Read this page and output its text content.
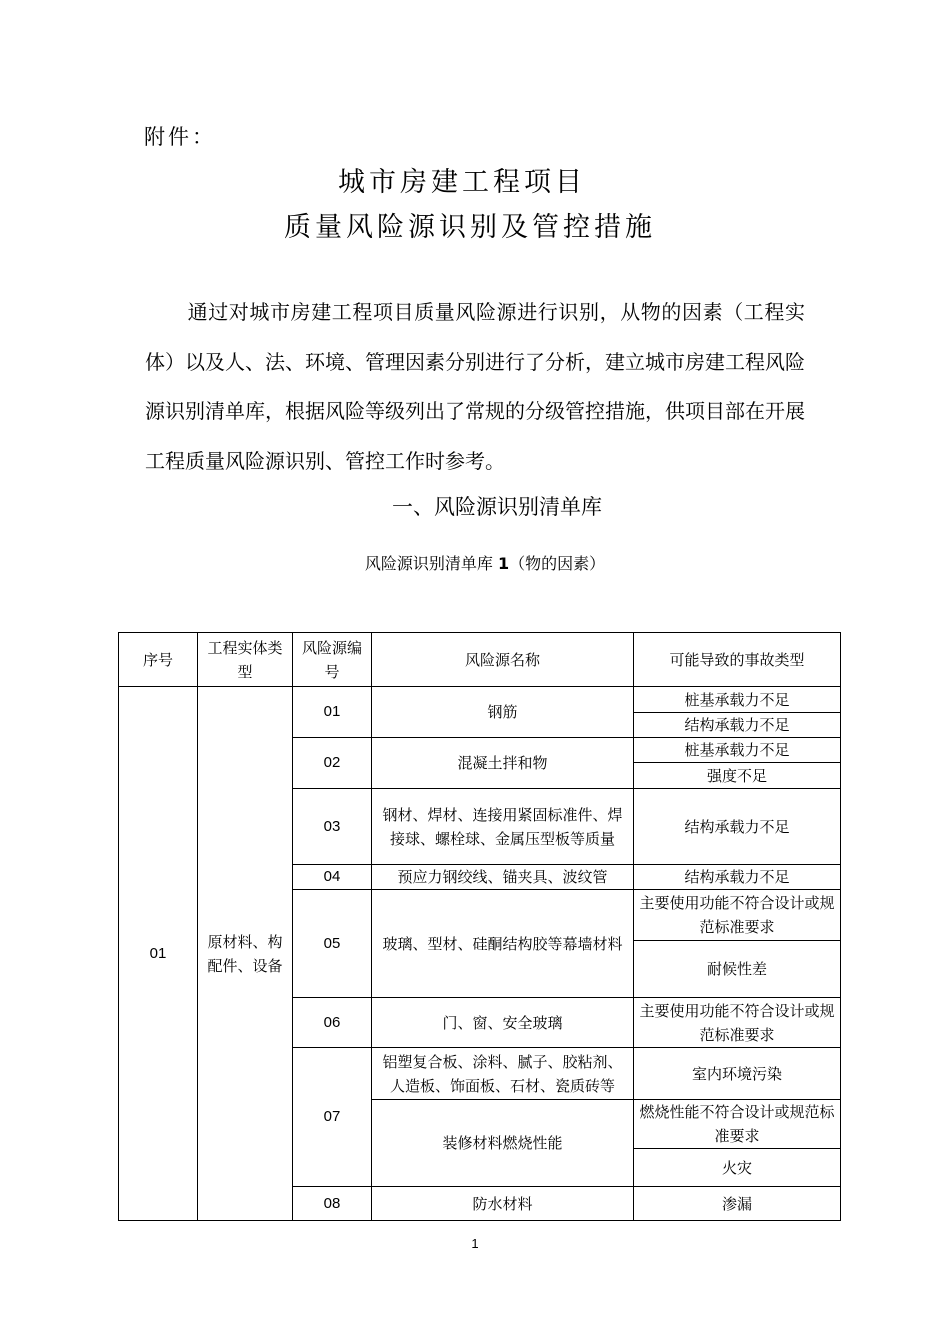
附件：
城市房建工程项目
质量风险源识别及管控措施
通过对城市房建工程项目质量风险源进行识别，从物的因素（工程实体）以及人、法、环境、管理因素分别进行了分析，建立城市房建工程风险源识别清单库，根据风险等级列出了常规的分级管控措施，供项目部在开展工程质量风险源识别、管控工作时参考。
一、风险源识别清单库
风险源识别清单库 1（物的因素）
序号	工程实体类型	风险源编号	风险源名称	可能导致的事故类型
01	原材料、构配件、设备	01	钢筋	桩基承载力不足
				结构承载力不足
		02	混凝土拌和物	桩基承载力不足
				强度不足
		03	钢材、焊材、连接用紧固标准件、焊接球、螺栓球、金属压型板等质量	结构承载力不足
		04	预应力钢绞线、锚夹具、波纹管	结构承载力不足
		05	玻璃、型材、硅酮结构胶等幕墙材料	主要使用功能不符合设计或规范标准要求
				耐候性差
		06	门、窗、安全玻璃	主要使用功能不符合设计或规范标准要求
		07	铝塑复合板、涂料、腻子、胶粘剂、人造板、饰面板、石材、瓷质砖等	室内环境污染
			装修材料燃烧性能	燃烧性能不符合设计或规范标准要求
				火灾
		08	防水材料	渗漏
1
